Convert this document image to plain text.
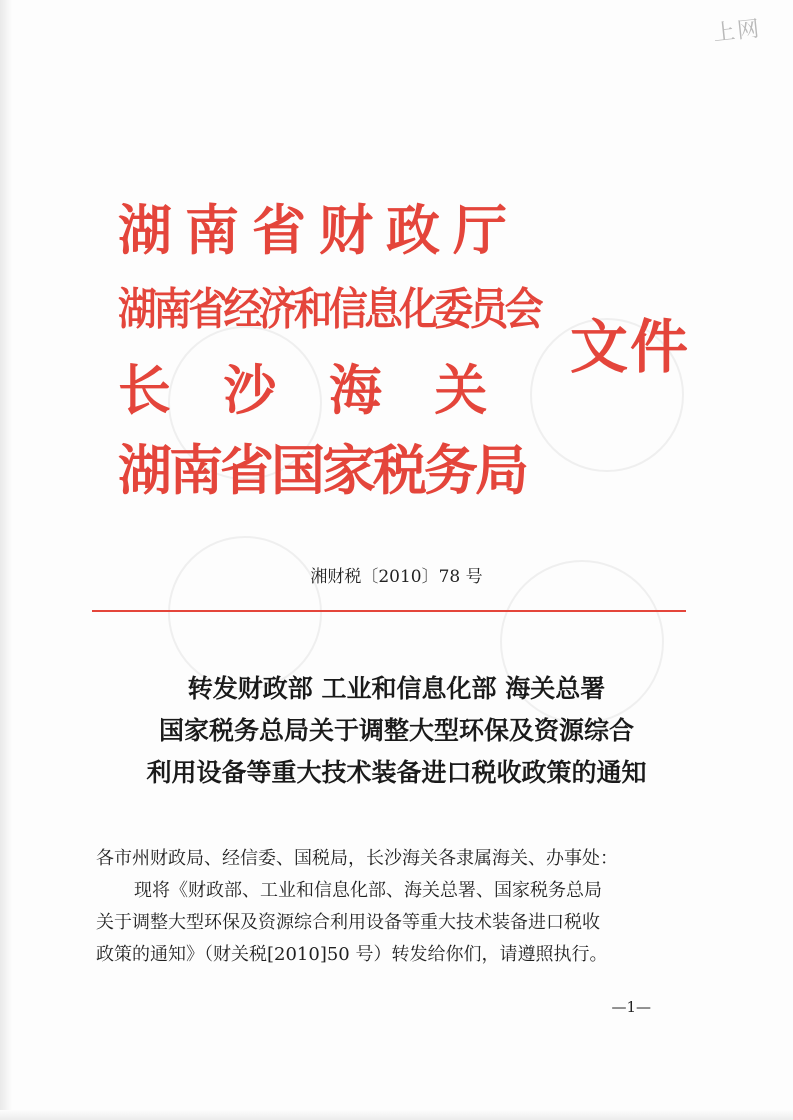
上网
湖南省财政厅
湖南省经济和信息化委员会
长沙海关
湖南省国家税务局
文件
湘财税〔2010〕78 号
转发财政部 工业和信息化部 海关总署
国家税务总局关于调整大型环保及资源综合
利用设备等重大技术装备进口税收政策的通知
各市州财政局、经信委、国税局，长沙海关各隶属海关、办事处：
现将《财政部、工业和信息化部、海关总署、国家税务总局
关于调整大型环保及资源综合利用设备等重大技术装备进口税收
政策的通知》（财关税[2010]50 号）转发给你们，请遵照执行。
—1—
